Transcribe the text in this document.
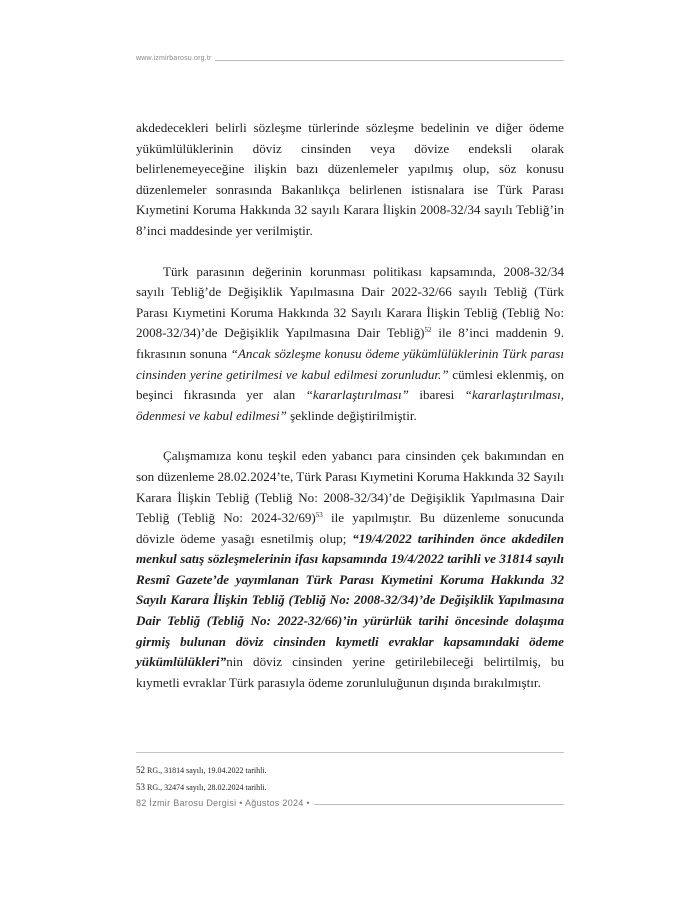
www.izmirbarosu.org.tr

akdedecekleri belirli sözleşme türlerinde sözleşme bedelinin ve diğer ödeme yükümlülüklerinin döviz cinsinden veya dövize endeksli olarak belirlenemeyeceğine ilişkin bazı düzenlemeler yapılmış olup, söz konusu düzenlemeler sonrasında Bakanlıkça belirlenen istisnalara ise Türk Parası Kıymetini Koruma Hakkında 32 sayılı Karara İlişkin 2008-32/34 sayılı Tebliğ’in 8’inci maddesinde yer verilmiştir.

Türk parasının değerinin korunması politikası kapsamında, 2008-32/34 sayılı Tebliğ’de Değişiklik Yapılmasına Dair 2022-32/66 sayılı Tebliğ (Türk Parası Kıymetini Koruma Hakkında 32 Sayılı Karara İlişkin Tebliğ (Tebliğ No: 2008-32/34)’de Değişiklik Yapılmasına Dair Tebliğ)$^{52}$ ile 8’inci maddenin 9. fıkrasının sonuna “Ancak sözleşme konusu ödeme yükümlülüklerinin Türk parası cinsinden yerine getirilmesi ve kabul edilmesi zorunludur.” cümlesi eklenmiş, on beşinci fıkrasında yer alan “kararlaştırılması” ibaresi “kararlaştırılması, ödenmesi ve kabul edilmesi” şeklinde değiştirilmiştir.

Çalışmamıza konu teşkil eden yabancı para cinsinden çek bakımından en son düzenleme 28.02.2024’te, Türk Parası Kıymetini Koruma Hakkında 32 Sayılı Karara İlişkin Tebliğ (Tebliğ No: 2008-32/34)’de Değişiklik Yapılmasına Dair Tebliğ (Tebliğ No: 2024-32/69)$^{53}$ ile yapılmıştır. Bu düzenleme sonucunda dövizle ödeme yasağı esnetilmiş olup; “19/4/2022 tarihinden önce akdedilen menkul satış sözleşmelerinin ifası kapsamında 19/4/2022 tarihli ve 31814 sayılı Resmî Gazete’de yayımlanan Türk Parası Kıymetini Koruma Hakkında 32 Sayılı Karara İlişkin Tebliğ (Tebliğ No: 2008-32/34)’de Değişiklik Yapılmasına Dair Tebliğ (Tebliğ No: 2022-32/66)’in yürürlük tarihi öncesinde dolaşıma girmiş bulunan döviz cinsinden kıymetli evraklar kapsamındaki ödeme yükümlülükleri”nin döviz cinsinden yerine getirilebileceği belirtilmiş, bu kıymetli evraklar Türk parasıyla ödeme zorunluluğunun dışında bırakılmıştır.

52 RG., 31814 sayılı, 19.04.2022 tarihli.
53 RG., 32474 sayılı, 28.02.2024 tarihli.
82 İzmir Barosu Dergisi • Ağustos 2024 •
